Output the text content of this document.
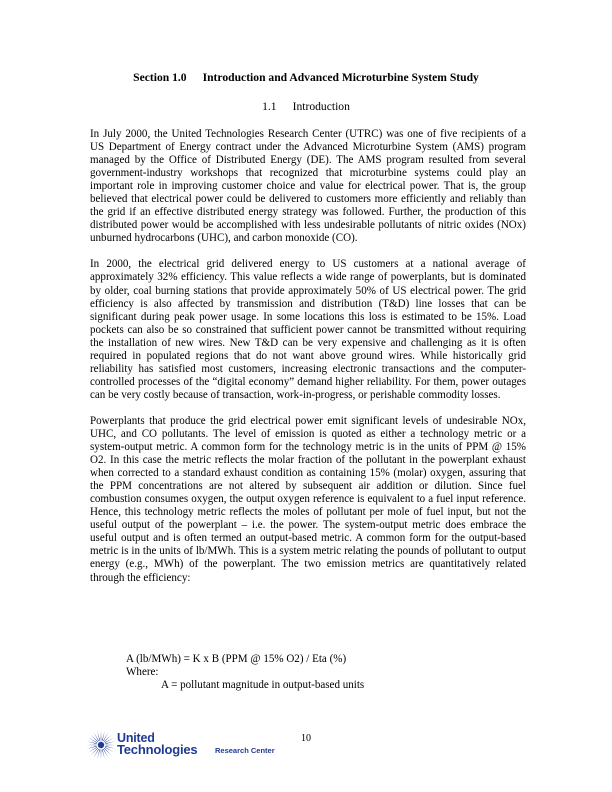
Section 1.0 Introduction and Advanced Microturbine System Study
1.1 Introduction

In July 2000, the United Technologies Research Center (UTRC) was one of five recipients of a US Department of Energy contract under the Advanced Microturbine System (AMS) program managed by the Office of Distributed Energy (DE). The AMS program resulted from several government-industry workshops that recognized that microturbine systems could play an important role in improving customer choice and value for electrical power. That is, the group believed that electrical power could be delivered to customers more efficiently and reliably than the grid if an effective distributed energy strategy was followed. Further, the production of this distributed power would be accomplished with less undesirable pollutants of nitric oxides (NOx) unburned hydrocarbons (UHC), and carbon monoxide (CO).

In 2000, the electrical grid delivered energy to US customers at a national average of approximately 32% efficiency. This value reflects a wide range of powerplants, but is dominated by older, coal burning stations that provide approximately 50% of US electrical power. The grid efficiency is also affected by transmission and distribution (T&D) line losses that can be significant during peak power usage. In some locations this loss is estimated to be 15%. Load pockets can also be so constrained that sufficient power cannot be transmitted without requiring the installation of new wires. New T&D can be very expensive and challenging as it is often required in populated regions that do not want above ground wires. While historically grid reliability has satisfied most customers, increasing electronic transactions and the computer-controlled processes of the “digital economy” demand higher reliability. For them, power outages can be very costly because of transaction, work-in-progress, or perishable commodity losses.

Powerplants that produce the grid electrical power emit significant levels of undesirable NOx, UHC, and CO pollutants. The level of emission is quoted as either a technology metric or a system-output metric. A common form for the technology metric is in the units of PPM @ 15% O2. In this case the metric reflects the molar fraction of the pollutant in the powerplant exhaust when corrected to a standard exhaust condition as containing 15% (molar) oxygen, assuring that the PPM concentrations are not altered by subsequent air addition or dilution. Since fuel combustion consumes oxygen, the output oxygen reference is equivalent to a fuel input reference. Hence, this technology metric reflects the moles of pollutant per mole of fuel input, but not the useful output of the powerplant – i.e. the power. The system-output metric does embrace the useful output and is often termed an output-based metric. A common form for the output-based metric is in the units of lb/MWh. This is a system metric relating the pounds of pollutant to output energy (e.g., MWh) of the powerplant. The two emission metrics are quantitatively related through the efficiency:

A (lb/MWh) = K x B (PPM @ 15% O2) / Eta (%)
Where:
A = pollutant magnitude in output-based units
10
United
Technologies Research Center
